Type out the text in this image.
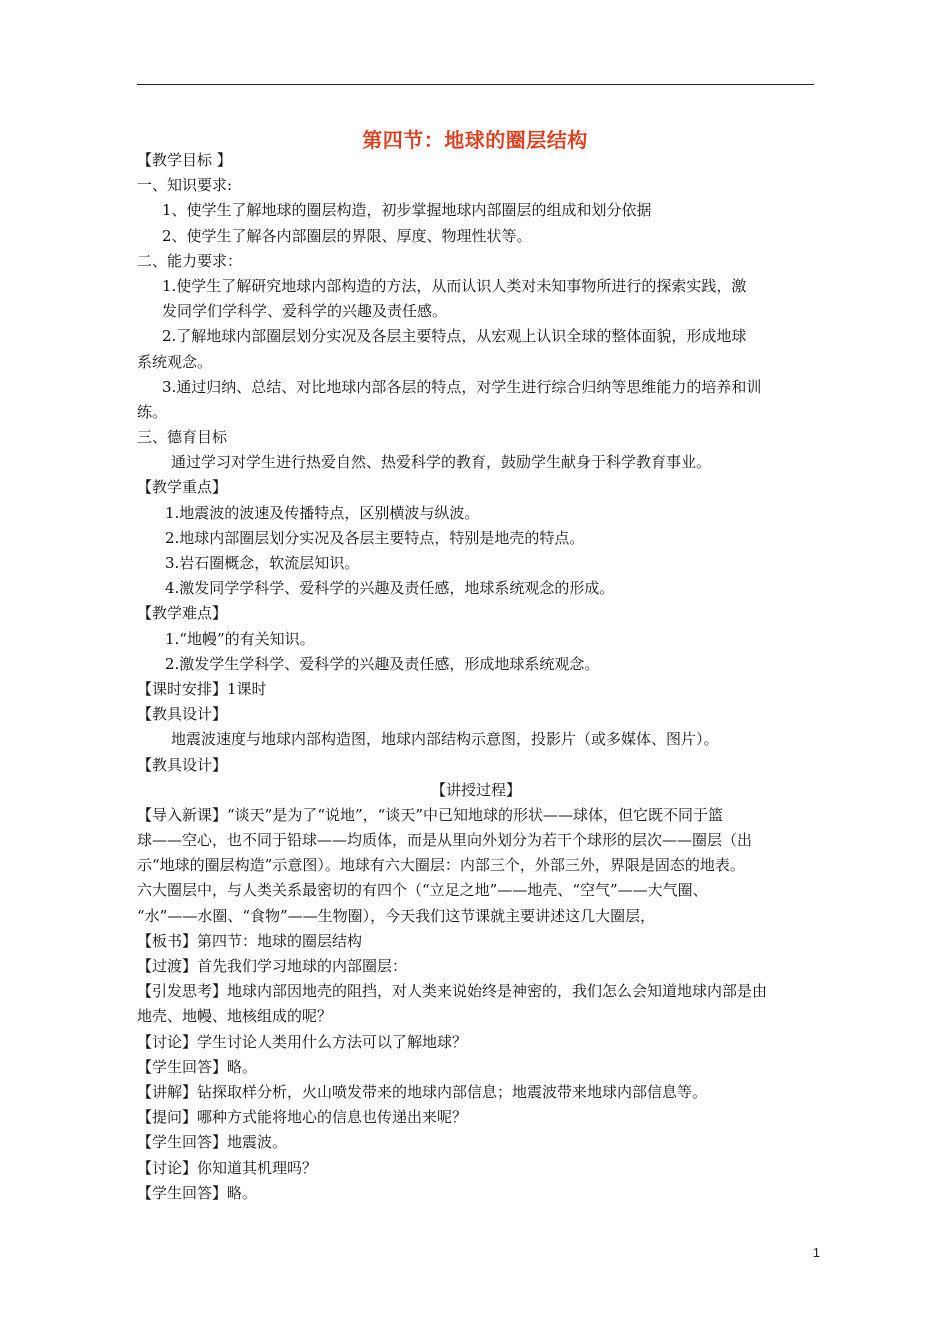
第四节：地球的圈层结构
【教学目标 】
一、知识要求:
1、使学生了解地球的圈层构造，初步掌握地球内部圈层的组成和划分依据
2、使学生了解各内部圈层的界限、厚度、物理性状等。
二、能力要求：
1.使学生了解研究地球内部构造的方法，从而认识人类对未知事物所进行的探索实践，激
发同学们学科学、爱科学的兴趣及责任感。
2.了解地球内部圈层划分实况及各层主要特点，从宏观上认识全球的整体面貌，形成地球
系统观念。
3.通过归纳、总结、对比地球内部各层的特点，对学生进行综合归纳等思维能力的培养和训
练。
三、德育目标
通过学习对学生进行热爱自然、热爱科学的教育，鼓励学生献身于科学教育事业。
【教学重点】
1.地震波的波速及传播特点，区别横波与纵波。
2.地球内部圈层划分实况及各层主要特点，特别是地壳的特点。
3.岩石圈概念，软流层知识。
4.激发同学学科学、爱科学的兴趣及责任感，地球系统观念的形成。
【教学难点】
1.“地幔”的有关知识。
2.激发学生学科学、爱科学的兴趣及责任感，形成地球系统观念。
【课时安排】1课时
【教具设计】
地震波速度与地球内部构造图，地球内部结构示意图，投影片（或多媒体、图片）。
【教具设计】
【讲授过程】
【导入新课】“谈天”是为了“说地”，“谈天”中已知地球的形状——球体，但它既不同于篮
球——空心，也不同于铅球——均质体，而是从里向外划分为若干个球形的层次——圈层（出
示“地球的圈层构造”示意图）。地球有六大圈层：内部三个，外部三外，界限是固态的地表。
六大圈层中，与人类关系最密切的有四个（“立足之地”——地壳、“空气”——大气圈、
“水”——水圈、“食物”——生物圈），今天我们这节课就主要讲述这几大圈层，
【板书】第四节：地球的圈层结构
【过渡】首先我们学习地球的内部圈层：
【引发思考】地球内部因地壳的阻挡，对人类来说始终是神密的，我们怎么会知道地球内部是由
地壳、地幔、地核组成的呢？
【讨论】学生讨论人类用什么方法可以了解地球？
【学生回答】略。
【讲解】钻探取样分析，火山喷发带来的地球内部信息；地震波带来地球内部信息等。
【提问】哪种方式能将地心的信息也传递出来呢？
【学生回答】地震波。
【讨论】你知道其机理吗？
【学生回答】略。
1
